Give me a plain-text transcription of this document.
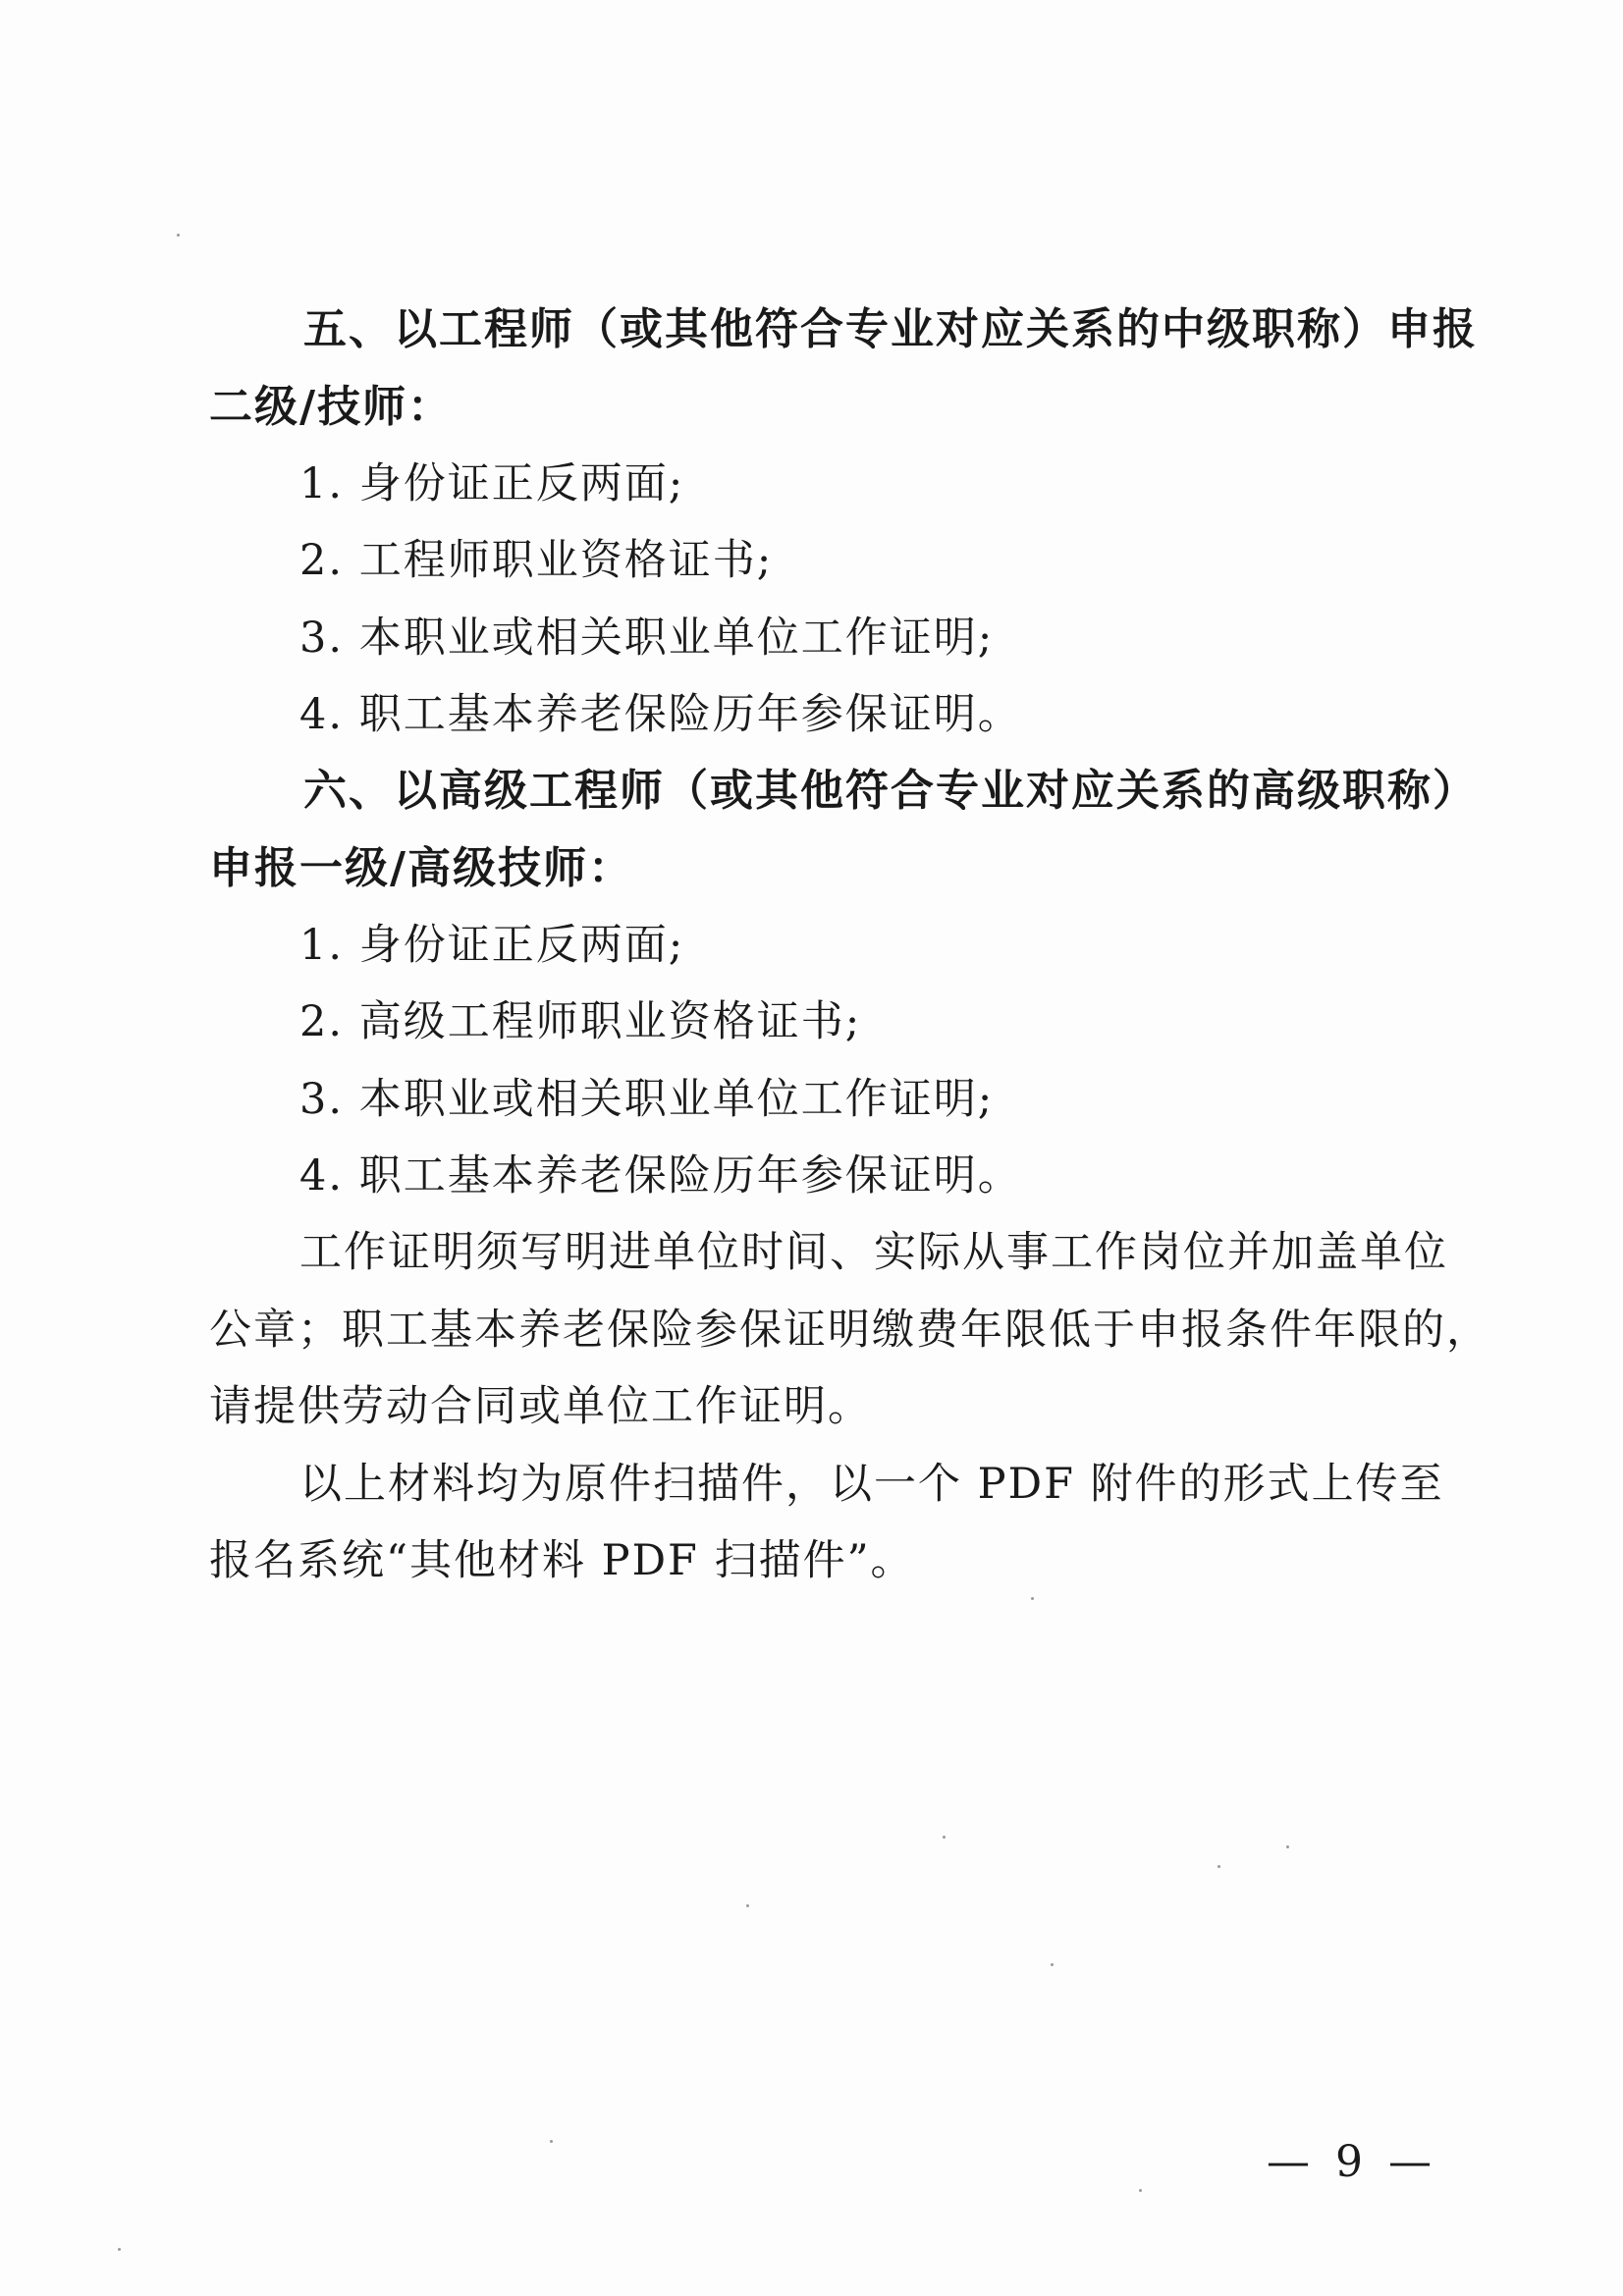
五、以工程师（或其他符合专业对应关系的中级职称）申报
二级/技师：
1. 身份证正反两面;
2. 工程师职业资格证书;
3. 本职业或相关职业单位工作证明;
4. 职工基本养老保险历年参保证明。
六、以高级工程师（或其他符合专业对应关系的高级职称）
申报一级/高级技师：
1. 身份证正反两面;
2. 高级工程师职业资格证书;
3. 本职业或相关职业单位工作证明;
4. 职工基本养老保险历年参保证明。
工作证明须写明进单位时间、实际从事工作岗位并加盖单位
公章；职工基本养老保险参保证明缴费年限低于申报条件年限的，
请提供劳动合同或单位工作证明。
以上材料均为原件扫描件，以一个 PDF 附件的形式上传至
报名系统“其他材料 PDF 扫描件”。
— 9 —
